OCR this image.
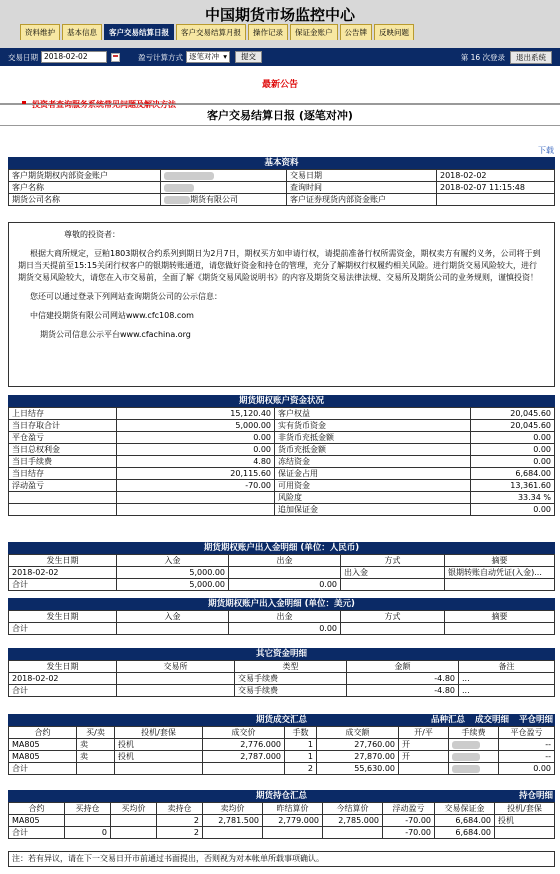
中国期货市场监控中心
资料维护	基本信息	客户交易结算日报	客户交易结算月报	操作记录	保证金账户	公告牌	反映问题
交易日期 2018-02-02	盈亏计算方式 逐笔对冲 ▾	提交	第 16 次登录	退出系统
最新公告
投资者查询服务系统常见问题及解决方法
客户交易结算日报 (逐笔对冲)
下载
基本资料
客户期货期权内部资金账户		交易日期	2018-02-02
客户名称		查询时间	2018-02-07 11:15:48
期货公司名称	期货有限公司	客户证券现货内部资金账户	

尊敬的投资者：

根据大商所规定，豆粕1803期权合约系列到期日为2月7日，期权买方如申请行权，请提前准备行权所需资金，期权卖方有履约义务，公司将于到期日当天提前至15:15关闭行权客户的银期转账通道，请您做好资金和持仓的管理，充分了解期权行权履约相关风险。进行期货交易风险较大，进行期货交易风险较大，请您在入市交易前，全面了解《期货交易风险说明书》的内容及期货交易法律法规、交易所及期货公司的业务规则，谨慎投资！

您还可以通过登录下列网站查询期货公司的公示信息：

中信建投期货有限公司网站www.cfc108.com

期货公司信息公示平台www.cfachina.org

期货期权账户资金状况
上日结存	15,120.40	客户权益	20,045.60
当日存取合计	5,000.00	实有货币资金	20,045.60
平仓盈亏	0.00	非货币充抵金额	0.00
当日总权利金	0.00	货币充抵金额	0.00
当日手续费	4.80	冻结资金	0.00
当日结存	20,115.60	保证金占用	6,684.00
浮动盈亏	-70.00	可用资金	13,361.60
		风险度	33.34 %
		追加保证金	0.00
期货期权账户出入金明细 (单位：人民币)
发生日期	入金	出金	方式	摘要
2018-02-02	5,000.00		出入金	银期转账自动凭证(入金)...
合计	5,000.00	0.00		
期货期权账户出入金明细 (单位：美元)
发生日期	入金	出金	方式	摘要
合计		0.00		
其它资金明细
发生日期	交易所	类型	金额	备注
2018-02-02		交易手续费	-4.80	...
合计		交易手续费	-4.80	...
期货成交汇总	品种汇总 成交明细 平仓明细
合约	买/卖	投机/套保	成交价	手数	成交额	开/平	手续费	平仓盈亏
MA805	卖	投机	2,776.000	1	27,760.00	开		--
MA805	卖	投机	2,787.000	1	27,870.00	开		--
合计				2	55,630.00			0.00
期货持仓汇总	持仓明细
合约	买持仓	买均价	卖持仓	卖均价	昨结算价	今结算价	浮动盈亏	交易保证金	投机/套保
MA805			2	2,781.500	2,779.000	2,785.000	-70.00	6,684.00	投机
合计	0		2				-70.00	6,684.00	
注：若有异议，请在下一交易日开市前通过书面提出，否则视为对本帐单所载事项确认。
